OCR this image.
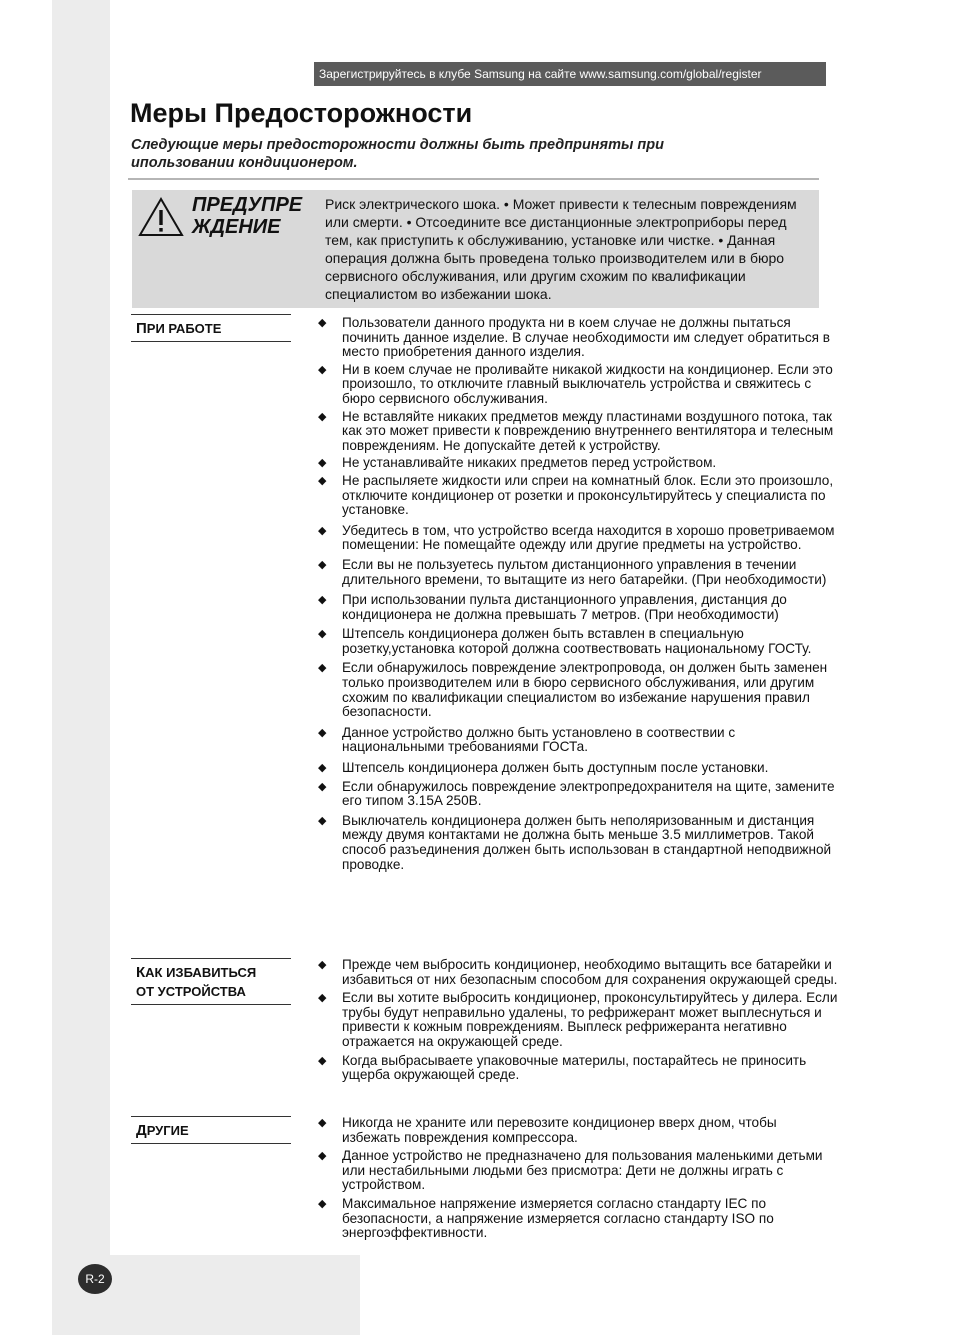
Зарегистрируйтесь в клубе Samsung на сайте www.samsung.com/global/register
Меры Предосторожности
Следующие меры предосторожности должны быть предприняты при ипользовании кондиционером.
ПРЕДУПРЕ
ЖДЕНИЕ
Риск электрического шока. • Может привести к телесным повреждениям или смерти. • Отсоедините все дистанционные электроприборы перед тем, как приступить к обслуживанию, установке или чистке. • Данная операция должна быть проведена только производителем или в бюро сервисного обслуживания, или другим схожим по квалификации специалистом во избежании шока.
ПРИ РАБОТЕ	◆ Пользователи данного продукта ни в коем случае не должны пытаться починить данное изделие. В случае необходимости им следует обратиться в место приобретения данного изделия.
◆ Ни в коем случае не проливайте никакой жидкости на кондиционер. Если это произошло, то отключите главный выключатель устройства и свяжитесь с бюро сервисного обслуживания.
◆ Не вставляйте никаких предметов между пластинами воздушного потока, так как это может привести к повреждению внутреннего вентилятора и телесным повреждениям. Не допускайте детей к устройству.
◆ Не устанавливайте никаких предметов перед устройством.
◆ Не распыляете жидкости или спреи на комнатный блок. Если это произошло, отключите кондиционер от розетки и проконсультируйтесь у специалиста по установке.
◆ Убедитесь в том, что устройство всегда находится в хорошо проветриваемом помещении: Не помещайте одежду или другие предметы на устройство.
◆ Если вы не пользуетесь пультом дистанционного управления в течении длительного времени, то вытащите из него батарейки. (При необходимости)
◆ При использовании пульта дистанционного управления, дистанция до кондиционера не должна превышать 7 метров. (При необходимости)
◆ Штепсель кондиционера должен быть вставлен в специальную розетку,установка которой должна соотвествовать национальному ГОСТу.
◆ Если обнаружилось повреждение электропровода, он должен быть заменен только производителем или в бюро сервисного обслуживания, или другим схожим по квалификации специалистом во избежание нарушения правил безопасности.
◆ Данное устройство должно быть установлено в соотвествии с национальными требованиями ГОСТа.
◆ Штепсель кондиционера должен быть доступным после установки.
◆ Если обнаружилось повреждение электропредохранителя на щите, замените его типом 3.15A 250B.
◆ Выключатель кондиционера должен быть неполяризованным и дистанция между двумя контактами не должна быть меньше 3.5 миллиметров. Такой способ разъединения должен быть использован в стандартной неподвижной проводке.
КАК ИЗБАВИТЬСЯ
ОТ УСТРОЙСТВА
◆ Прежде чем выбросить кондиционер, необходимо вытащить все батарейки и избавиться от них безопасным способом для сохранения окружающей среды.
◆ Если вы хотите выбросить кондиционер, проконсультируйтесь у дилера. Если трубы будут неправильно удалены, то рефрижерант может выплеснуться и привести к кожным повреждениям. Выплеск рефрижеранта негативно отражается на окружающей среде.
◆ Когда выбрасываете упаковочные материлы, постарайтесь не приносить ущерба окружающей среде.
ДРУГИЕ	◆ Никогда не храните или перевозите кондиционер вверх дном, чтобы избежать повреждения компрессора.
◆ Данное устройство не предназначено для пользования маленькими детьми или нестабильными людьми без присмотра: Дети не должны играть с устройством.
◆ Максимальное напряжение измеряется согласно стандарту IEC по безопасности, а напряжение измеряется согласно стандарту ISO по энергоэффективности.
R-2
